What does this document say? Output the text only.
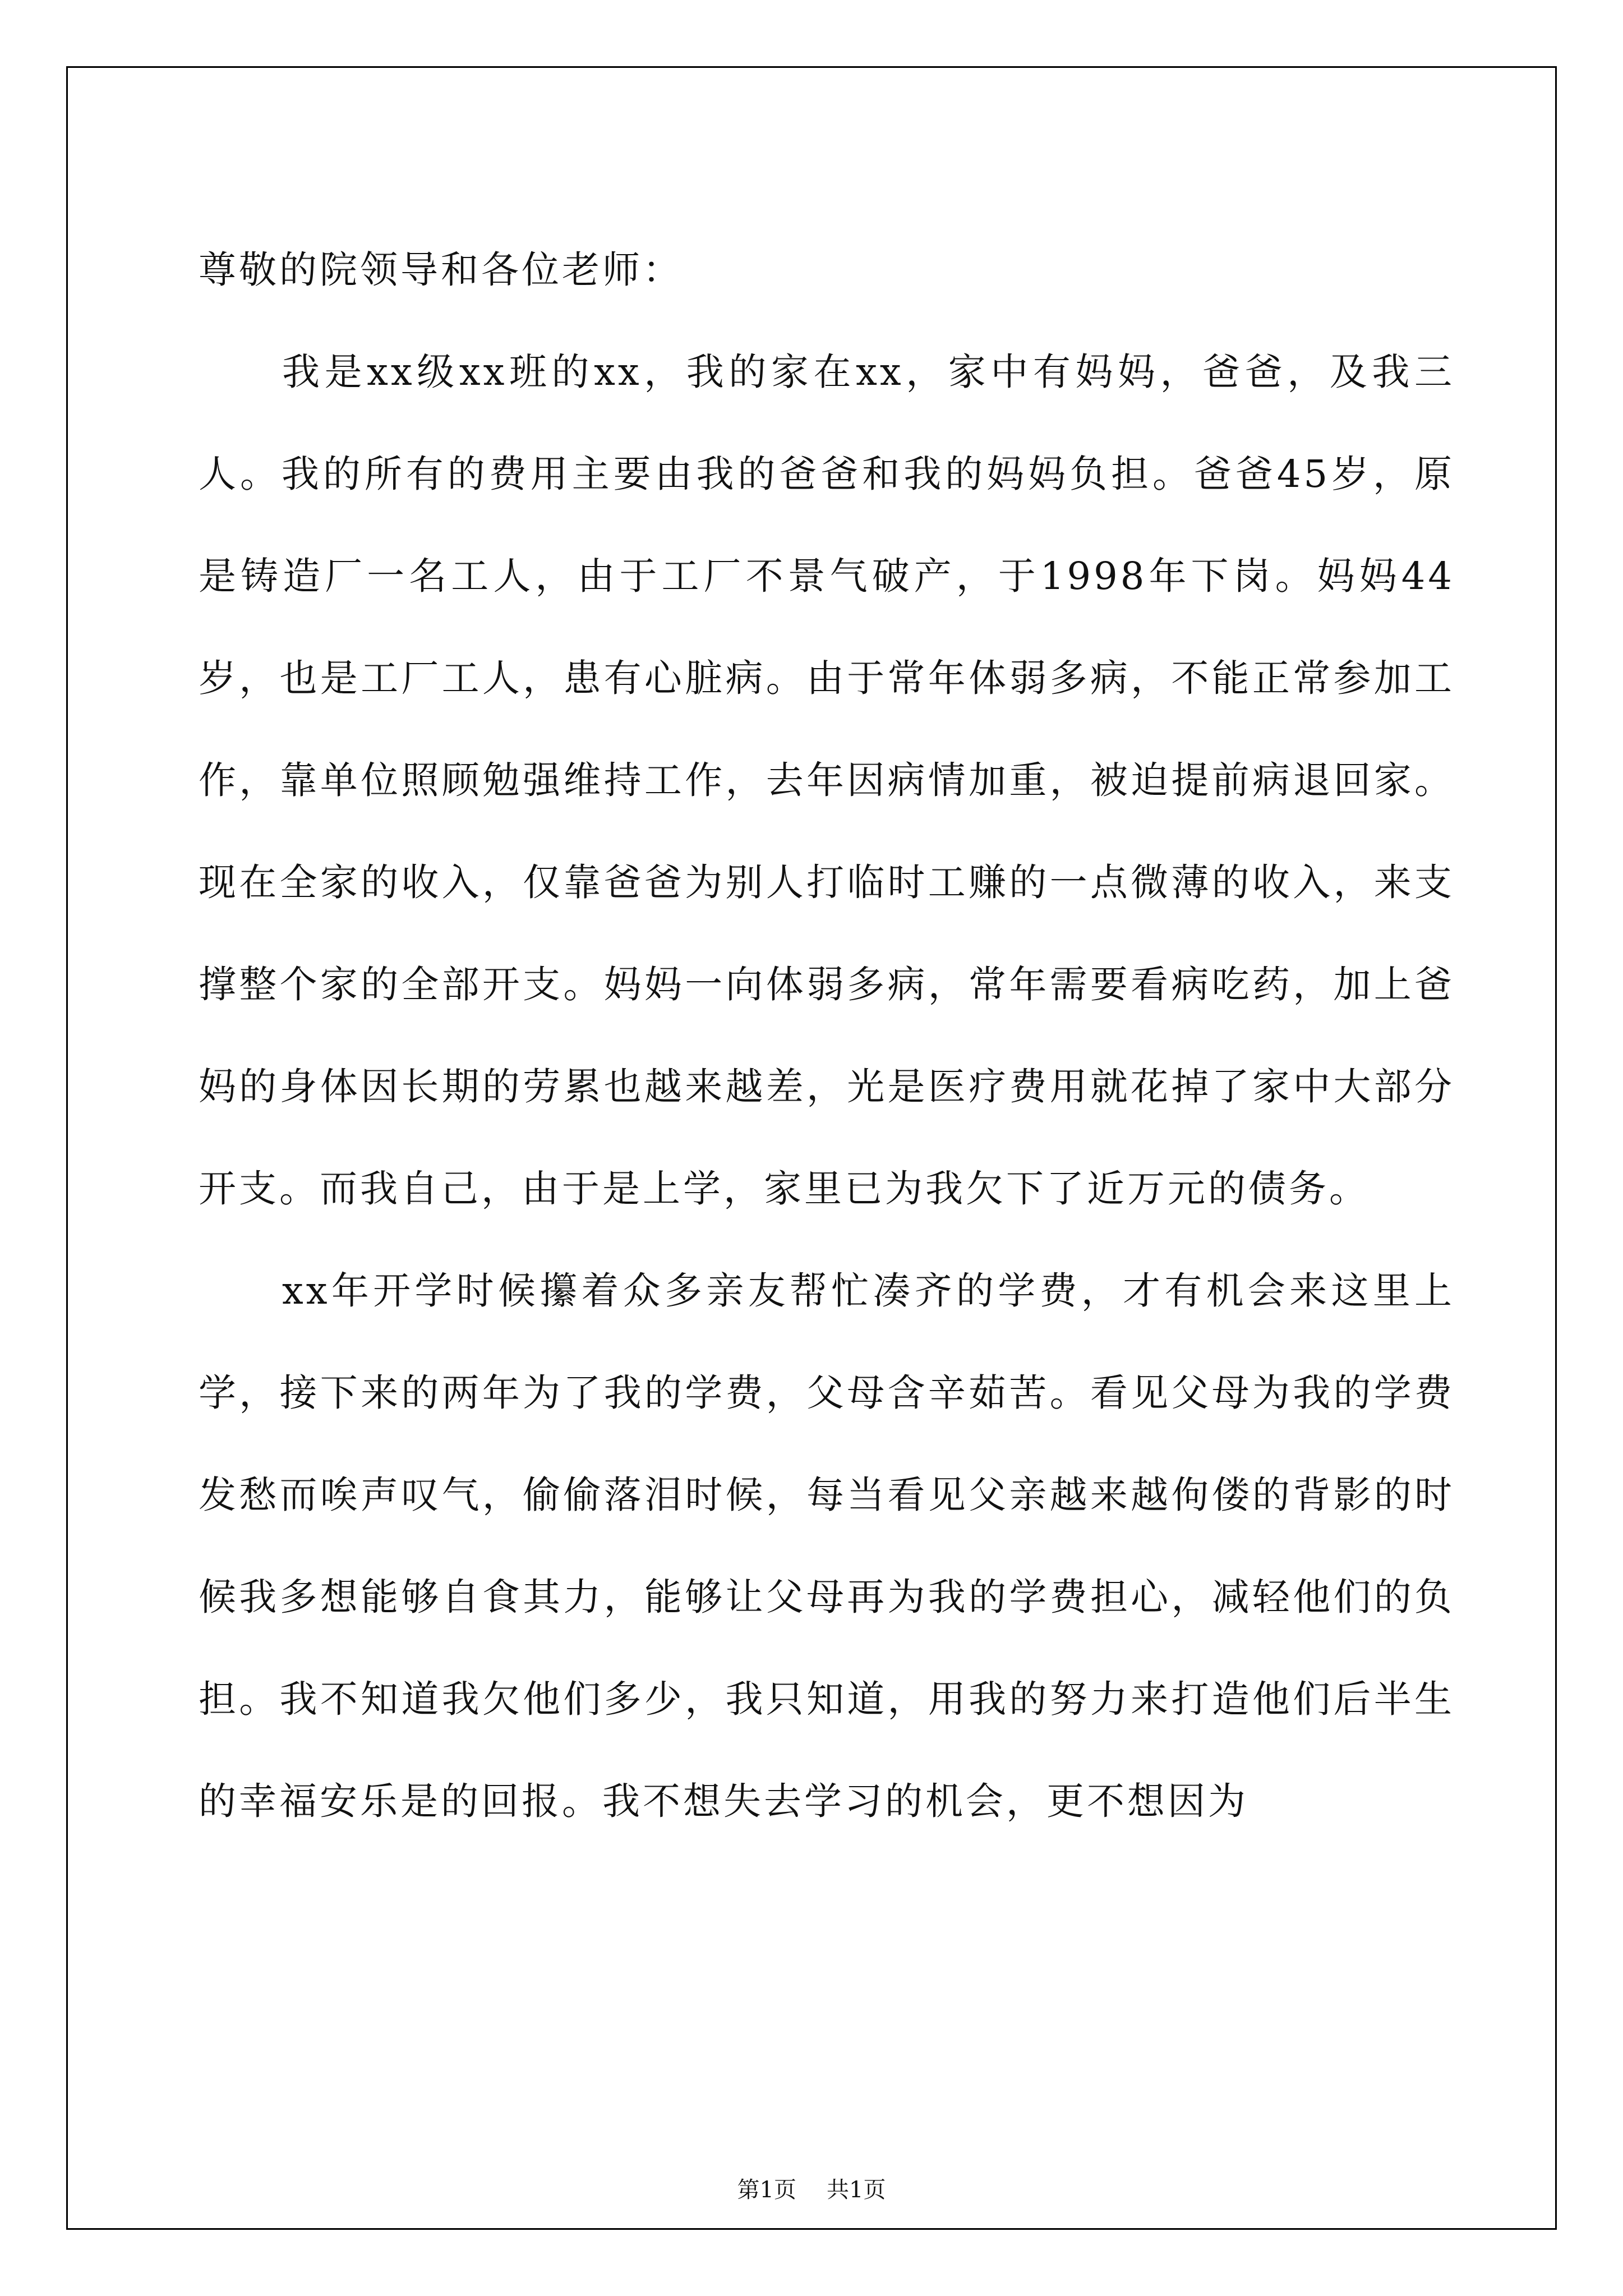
尊敬的院领导和各位老师：

我是xx级xx班的xx，我的家在xx，家中有妈妈，爸爸，及我三人。我的所有的费用主要由我的爸爸和我的妈妈负担。爸爸45岁，原是铸造厂一名工人，由于工厂不景气破产，于1998年下岗。妈妈44岁，也是工厂工人，患有心脏病。由于常年体弱多病，不能正常参加工作，靠单位照顾勉强维持工作，去年因病情加重，被迫提前病退回家。现在全家的收入，仅靠爸爸为别人打临时工赚的一点微薄的收入，来支撑整个家的全部开支。妈妈一向体弱多病，常年需要看病吃药，加上爸妈的身体因长期的劳累也越来越差，光是医疗费用就花掉了家中大部分开支。而我自己，由于是上学，家里已为我欠下了近万元的债务。

xx年开学时候攥着众多亲友帮忙凑齐的学费，才有机会来这里上学，接下来的两年为了我的学费，父母含辛茹苦。看见父母为我的学费发愁而唉声叹气，偷偷落泪时候，每当看见父亲越来越佝偻的背影的时候我多想能够自食其力，能够让父母再为我的学费担心，减轻他们的负担。我不知道我欠他们多少，我只知道，用我的努力来打造他们后半生的幸福安乐是的回报。我不想失去学习的机会，更不想因为

第1页 共1页
